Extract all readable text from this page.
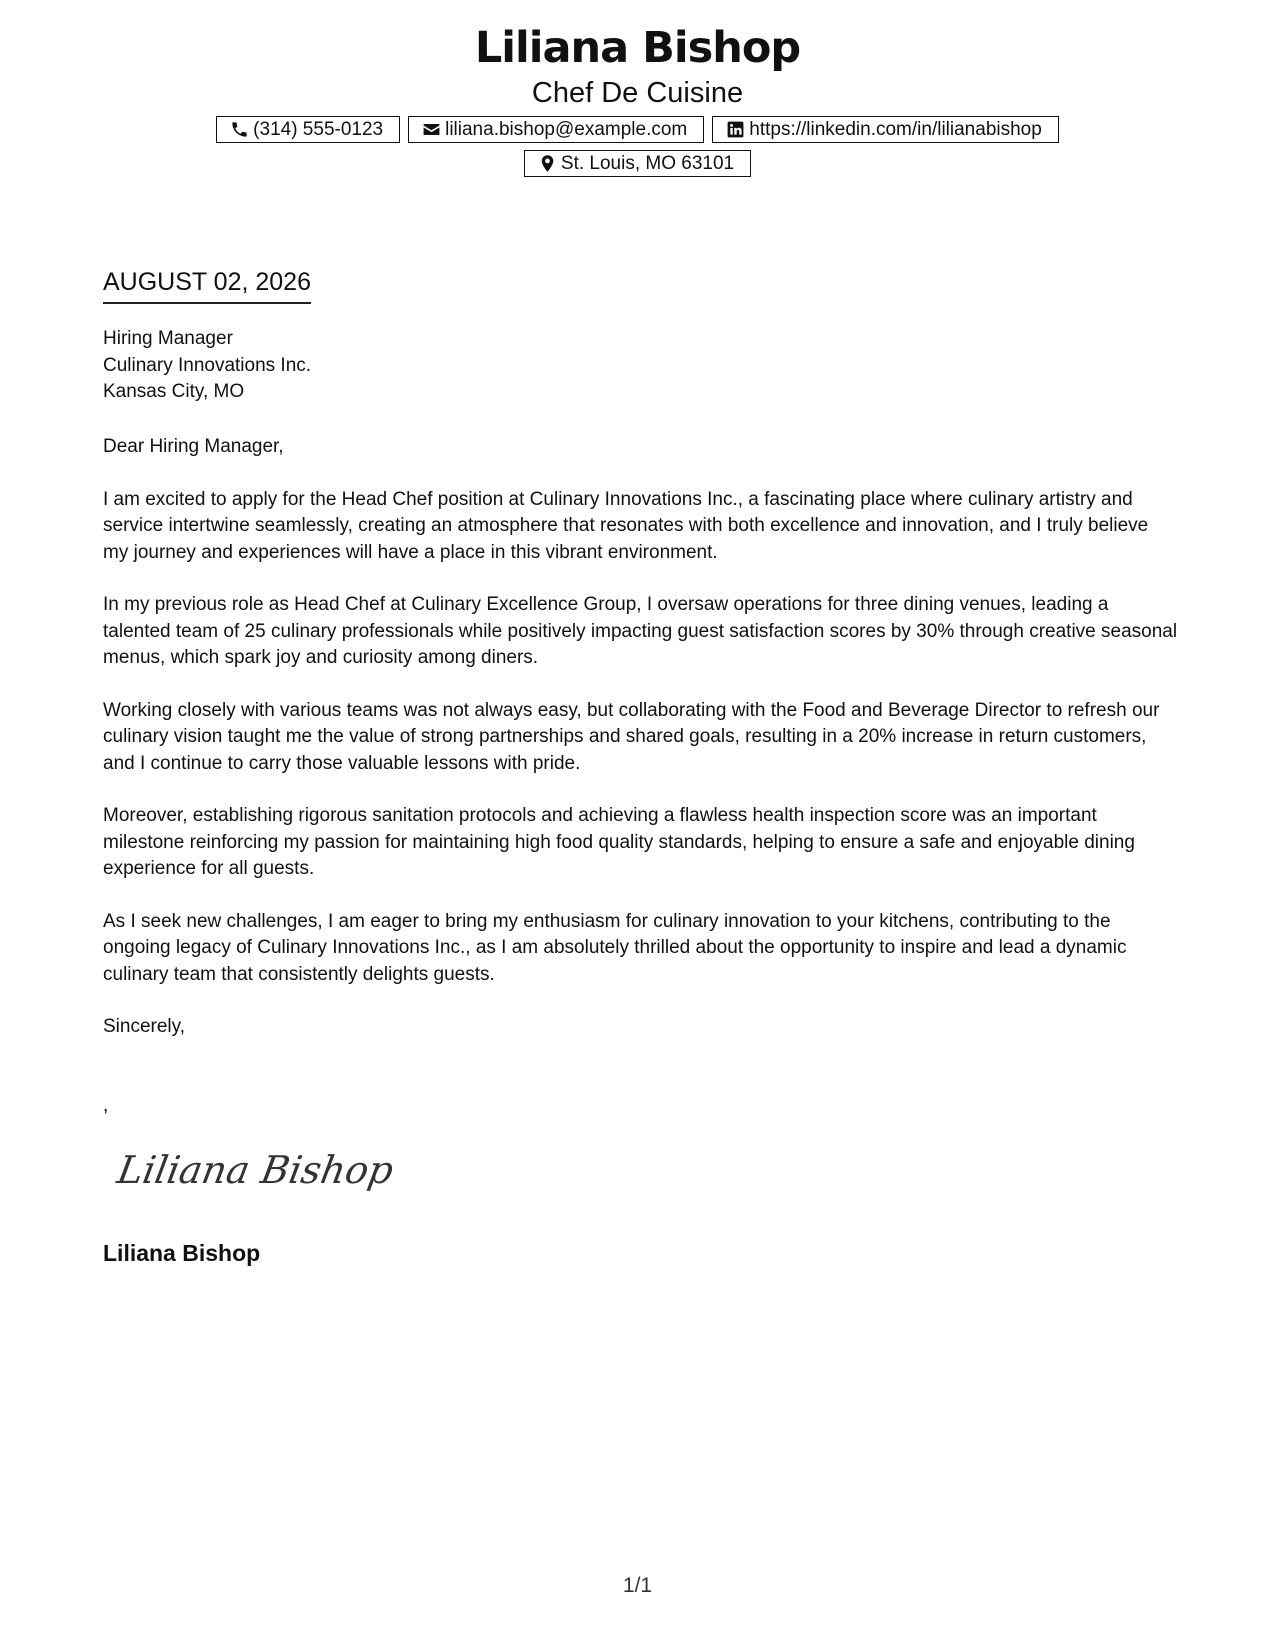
Liliana Bishop
Chef De Cuisine
(314) 555-0123	liliana.bishop@example.com	https://linkedin.com/in/lilianabishop
St. Louis, MO 63101
AUGUST 02, 2026
Hiring Manager
Culinary Innovations Inc.
Kansas City, MO

Dear Hiring Manager,

I am excited to apply for the Head Chef position at Culinary Innovations Inc., a fascinating place where culinary artistry and service intertwine seamlessly, creating an atmosphere that resonates with both excellence and innovation, and I truly believe my journey and experiences will have a place in this vibrant environment.

In my previous role as Head Chef at Culinary Excellence Group, I oversaw operations for three dining venues, leading a talented team of 25 culinary professionals while positively impacting guest satisfaction scores by 30% through creative seasonal menus, which spark joy and curiosity among diners.

Working closely with various teams was not always easy, but collaborating with the Food and Beverage Director to refresh our culinary vision taught me the value of strong partnerships and shared goals, resulting in a 20% increase in return customers, and I continue to carry those valuable lessons with pride.

Moreover, establishing rigorous sanitation protocols and achieving a flawless health inspection score was an important milestone reinforcing my passion for maintaining high food quality standards, helping to ensure a safe and enjoyable dining experience for all guests.

As I seek new challenges, I am eager to bring my enthusiasm for culinary innovation to your kitchens, contributing to the ongoing legacy of Culinary Innovations Inc., as I am absolutely thrilled about the opportunity to inspire and lead a dynamic culinary team that consistently delights guests.

Sincerely,

,
Liliana Bishop
Liliana Bishop
1/1
